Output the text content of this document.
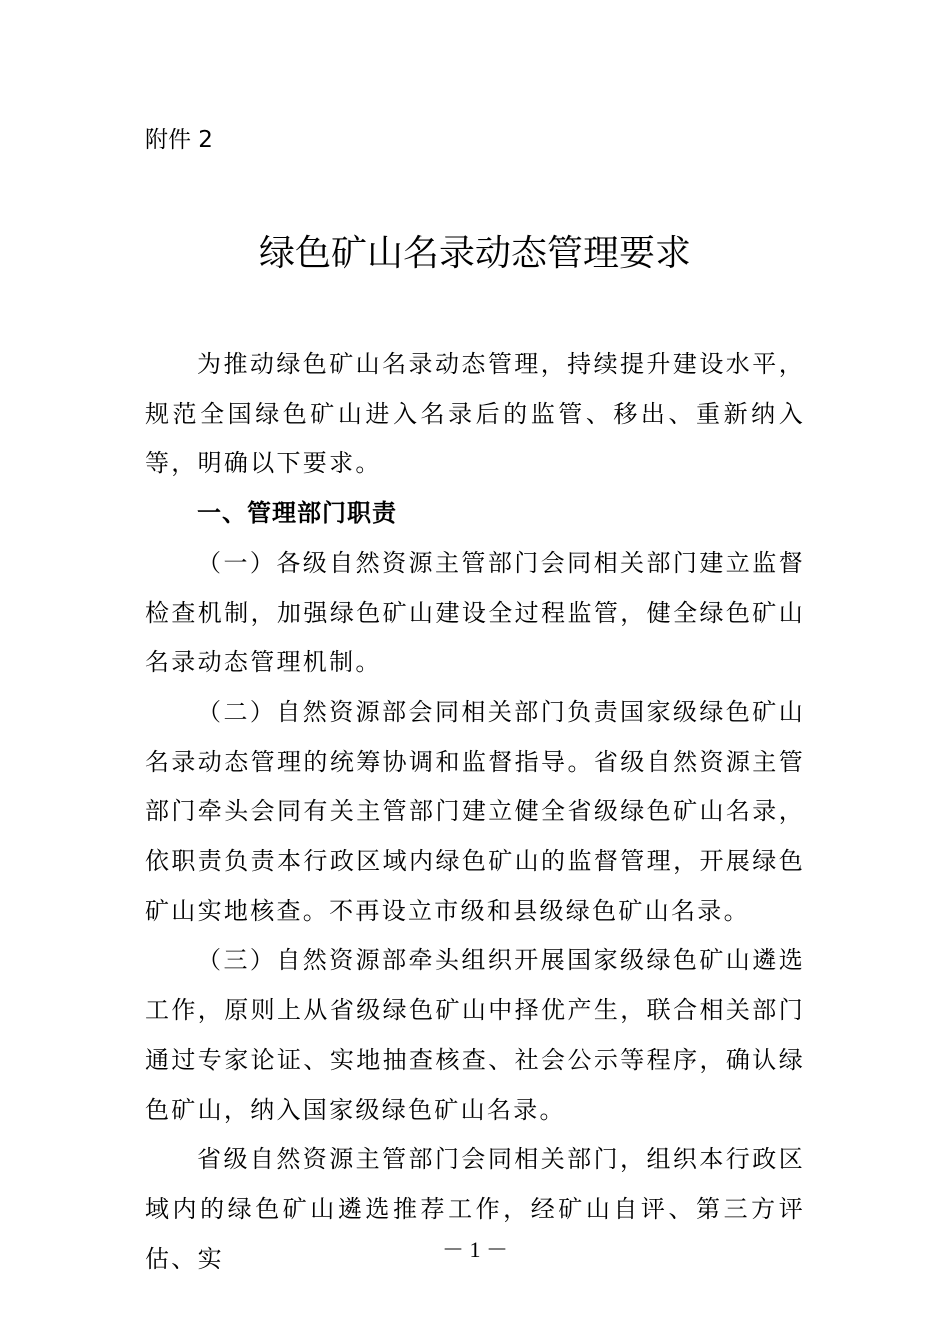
附件 2
绿色矿山名录动态管理要求

为推动绿色矿山名录动态管理，持续提升建设水平，规范全国绿色矿山进入名录后的监管、移出、重新纳入等，明确以下要求。

一、管理部门职责

（一）各级自然资源主管部门会同相关部门建立监督检查机制，加强绿色矿山建设全过程监管，健全绿色矿山名录动态管理机制。

（二）自然资源部会同相关部门负责国家级绿色矿山名录动态管理的统筹协调和监督指导。省级自然资源主管部门牵头会同有关主管部门建立健全省级绿色矿山名录，依职责负责本行政区域内绿色矿山的监督管理，开展绿色矿山实地核查。不再设立市级和县级绿色矿山名录。

（三）自然资源部牵头组织开展国家级绿色矿山遴选工作，原则上从省级绿色矿山中择优产生，联合相关部门通过专家论证、实地抽查核查、社会公示等程序，确认绿色矿山，纳入国家级绿色矿山名录。

省级自然资源主管部门会同相关部门，组织本行政区域内的绿色矿山遴选推荐工作，经矿山自评、第三方评估、实	－ 1 －
